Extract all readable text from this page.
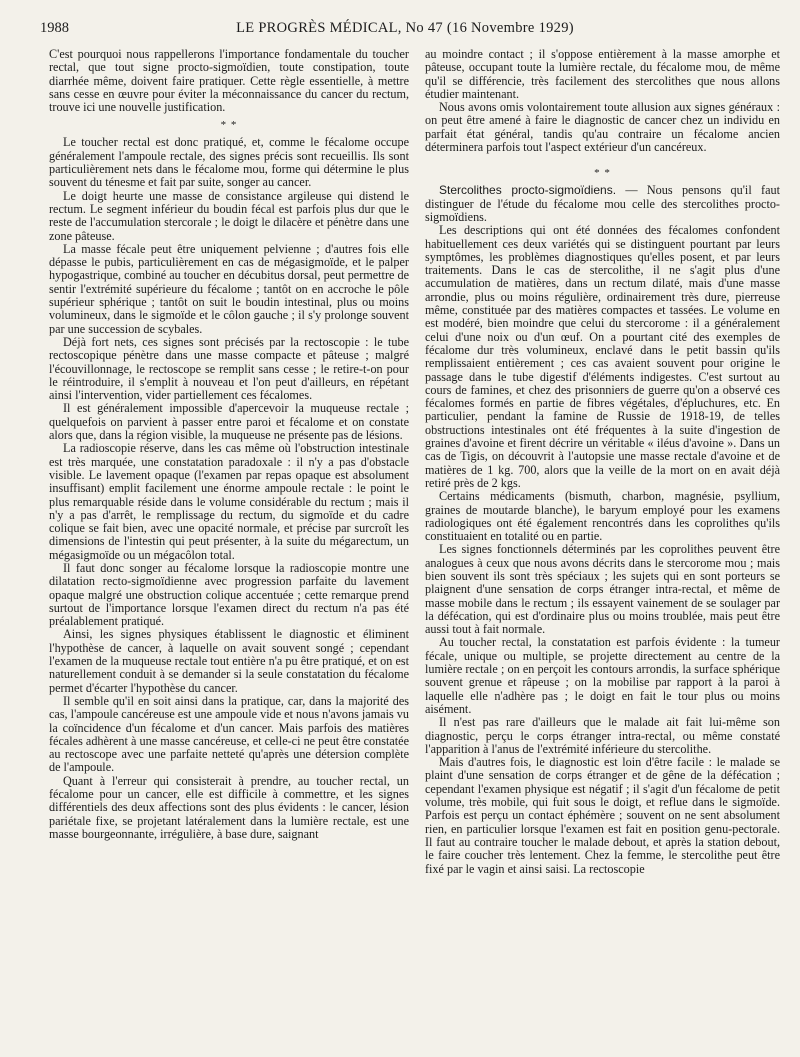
1988	LE PROGRÈS MÉDICAL, No 47 (16 Novembre 1929)

C'est pourquoi nous rappellerons l'importance fondamentale du toucher rectal, que tout signe procto-sigmoïdien, toute constipation, toute diarrhée même, doivent faire pratiquer. Cette règle essentielle, à mettre sans cesse en œuvre pour éviter la méconnaissance du cancer du rectum, trouve ici une nouvelle justification.

* *

Le toucher rectal est donc pratiqué, et, comme le fécalome occupe généralement l'ampoule rectale, des signes précis sont recueillis. Ils sont particulièrement nets dans le fécalome mou, forme qui détermine le plus souvent du ténesme et fait par suite, songer au cancer.

Le doigt heurte une masse de consistance argileuse qui distend le rectum. Le segment inférieur du boudin fécal est parfois plus dur que le reste de l'accumulation stercorale ; le doigt le dilacère et pénètre dans une zone pâteuse.

La masse fécale peut être uniquement pelvienne ; d'autres fois elle dépasse le pubis, particulièrement en cas de mégasigmoïde, et le palper hypogastrique, combiné au toucher en décubitus dorsal, peut permettre de sentir l'extrémité supérieure du fécalome ; tantôt on en accroche le pôle supérieur sphérique ; tantôt on suit le boudin intestinal, plus ou moins volumineux, dans le sigmoïde et le côlon gauche ; il s'y prolonge souvent par une succession de scybales.

Déjà fort nets, ces signes sont précisés par la rectoscopie : le tube rectoscopique pénètre dans une masse compacte et pâteuse ; malgré l'écouvillonnage, le rectoscope se remplit sans cesse ; le retire-t-on pour le réintroduire, il s'emplit à nouveau et l'on peut d'ailleurs, en répétant ainsi l'intervention, vider partiellement ces fécalomes.

Il est généralement impossible d'apercevoir la muqueuse rectale ; quelquefois on parvient à passer entre paroi et fécalome et on constate alors que, dans la région visible, la muqueuse ne présente pas de lésions.

La radioscopie réserve, dans les cas même où l'obstruction intestinale est très marquée, une constatation paradoxale : il n'y a pas d'obstacle visible. Le lavement opaque (l'examen par repas opaque est absolument insuffisant) emplit facilement une énorme ampoule rectale : le point le plus remarquable réside dans le volume considérable du rectum ; mais il n'y a pas d'arrêt, le remplissage du rectum, du sigmoïde et du cadre colique se fait bien, avec une opacité normale, et précise par surcroît les dimensions de l'intestin qui peut présenter, à la suite du mégarectum, un mégasigmoïde ou un mégacôlon total.

Il faut donc songer au fécalome lorsque la radioscopie montre une dilatation recto-sigmoïdienne avec progression parfaite du lavement opaque malgré une obstruction colique accentuée ; cette remarque prend surtout de l'importance lorsque l'examen direct du rectum n'a pas été préalablement pratiqué.

Ainsi, les signes physiques établissent le diagnostic et éliminent l'hypothèse de cancer, à laquelle on avait souvent songé ; cependant l'examen de la muqueuse rectale tout entière n'a pu être pratiqué, et on est naturellement conduit à se demander si la seule constatation du fécalome permet d'écarter l'hypothèse du cancer.

Il semble qu'il en soit ainsi dans la pratique, car, dans la majorité des cas, l'ampoule cancéreuse est une ampoule vide et nous n'avons jamais vu la coïncidence d'un fécalome et d'un cancer. Mais parfois des matières fécales adhèrent à une masse cancéreuse, et celle-ci ne peut être constatée au rectoscope avec une parfaite netteté qu'après une détersion complète de l'ampoule.

Quant à l'erreur qui consisterait à prendre, au toucher rectal, un fécalome pour un cancer, elle est difficile à commettre, et les signes différentiels des deux affections sont des plus évidents : le cancer, lésion pariétale fixe, se projetant latéralement dans la lumière rectale, est une masse bourgeonnante, irrégulière, à base dure, saignant

au moindre contact ; il s'oppose entièrement à la masse amorphe et pâteuse, occupant toute la lumière rectale, du fécalome mou, de même qu'il se différencie, très facilement des stercolithes que nous allons étudier maintenant.

Nous avons omis volontairement toute allusion aux signes généraux : on peut être amené à faire le diagnostic de cancer chez un individu en parfait état général, tandis qu'au contraire un fécalome ancien déterminera parfois tout l'aspect extérieur d'un cancéreux.

* *

Stercolithes procto-sigmoïdiens. — Nous pensons qu'il faut distinguer de l'étude du fécalome mou celle des stercolithes procto-sigmoïdiens.

Les descriptions qui ont été données des fécalomes confondent habituellement ces deux variétés qui se distinguent pourtant par leurs symptômes, les problèmes diagnostiques qu'elles posent, et par leurs traitements. Dans le cas de stercolithe, il ne s'agit plus d'une accumulation de matières, dans un rectum dilaté, mais d'une masse arrondie, plus ou moins régulière, ordinairement très dure, pierreuse même, constituée par des matières compactes et tassées. Le volume en est modéré, bien moindre que celui du stercorome : il a généralement celui d'une noix ou d'un œuf. On a pourtant cité des exemples de fécalome dur très volumineux, enclavé dans le petit bassin qu'ils remplissaient entièrement ; ces cas avaient souvent pour origine le passage dans le tube digestif d'éléments indigestes. C'est surtout au cours de famines, et chez des prisonniers de guerre qu'on a observé ces fécalomes formés en partie de fibres végétales, d'épluchures, etc. En particulier, pendant la famine de Russie de 1918-19, de telles obstructions intestinales ont été fréquentes à la suite d'ingestion de graines d'avoine et firent décrire un véritable « iléus d'avoine ». Dans un cas de Tigis, on découvrit à l'autopsie une masse rectale d'avoine et de matières de 1 kg. 700, alors que la veille de la mort on en avait déjà retiré près de 2 kgs.

Certains médicaments (bismuth, charbon, magnésie, psyllium, graines de moutarde blanche), le baryum employé pour les examens radiologiques ont été également rencontrés dans les coprolithes qu'ils constituaient en totalité ou en partie.

Les signes fonctionnels déterminés par les coprolithes peuvent être analogues à ceux que nous avons décrits dans le stercorome mou ; mais bien souvent ils sont très spéciaux ; les sujets qui en sont porteurs se plaignent d'une sensation de corps étranger intra-rectal, et même de masse mobile dans le rectum ; ils essayent vainement de se soulager par la défécation, qui est d'ordinaire plus ou moins troublée, mais peut être aussi tout à fait normale.

Au toucher rectal, la constatation est parfois évidente : la tumeur fécale, unique ou multiple, se projette directement au centre de la lumière rectale ; on en perçoit les contours arrondis, la surface sphérique souvent grenue et râpeuse ; on la mobilise par rapport à la paroi à laquelle elle n'adhère pas ; le doigt en fait le tour plus ou moins aisément.

Il n'est pas rare d'ailleurs que le malade ait fait lui-même son diagnostic, perçu le corps étranger intra-rectal, ou même constaté l'apparition à l'anus de l'extrémité inférieure du stercolithe.

Mais d'autres fois, le diagnostic est loin d'être facile : le malade se plaint d'une sensation de corps étranger et de gêne de la défécation ; cependant l'examen physique est négatif ; il s'agit d'un fécalome de petit volume, très mobile, qui fuit sous le doigt, et reflue dans le sigmoïde. Parfois est perçu un contact éphémère ; souvent on ne sent absolument rien, en particulier lorsque l'examen est fait en position genu-pectorale. Il faut au contraire toucher le malade debout, et après la station debout, le faire coucher très lentement. Chez la femme, le stercolithe peut être fixé par le vagin et ainsi saisi. La rectoscopie
